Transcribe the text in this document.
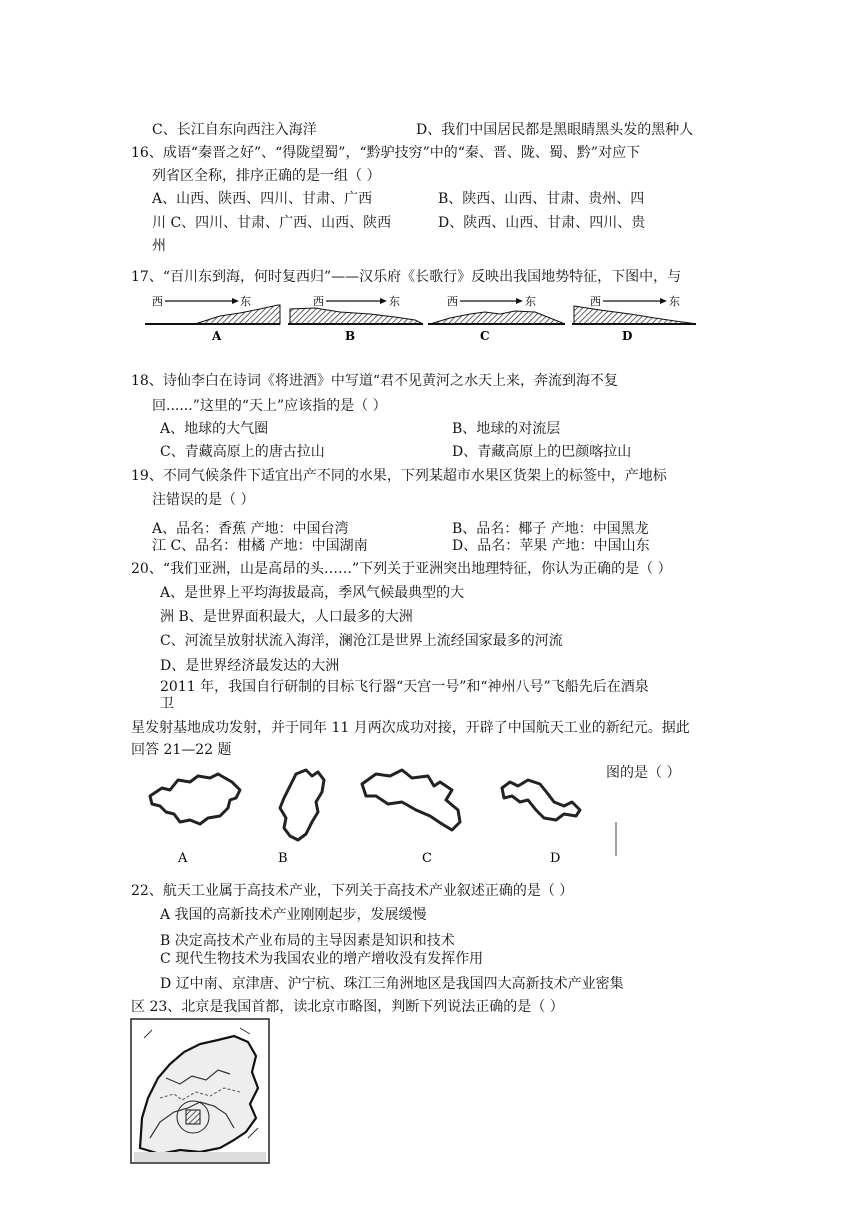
C、长江自东向西注入海洋	D、我们中国居民都是黑眼睛黑头发的黑种人
16、成语“秦晋之好”、“得陇望蜀”，“黔驴技穷”中的“秦、晋、陇、蜀、黔”对应下
列省区全称，排序正确的是一组（ ）
A、山西、陕西、四川、甘肃、广西	B、陕西、山西、甘肃、贵州、四
川 C、四川、甘肃、广西、山西、陕西	D、陕西、山西、甘肃、四川、贵
州
17、“百川东到海，何时复西归”——汉乐府《长歌行》反映出我国地势特征，下图中，与
西	东
A
西	东
B
西	东
C
西	东
D
18、诗仙李白在诗词《将进酒》中写道“君不见黄河之水天上来，奔流到海不复
回......”这里的“天上”应该指的是（ ）
A、地球的大气圈	B、地球的对流层
C、青藏高原上的唐古拉山	D、青藏高原上的巴颜喀拉山
19、不同气候条件下适宜出产不同的水果，下列某超市水果区货架上的标签中，产地标
注错误的是（ ）
A、品名：香蕉 产地：中国台湾	B、品名：椰子 产地：中国黑龙
江 C、品名：柑橘 产地：中国湖南	D、品名：苹果 产地：中国山东
20、“我们亚洲，山是高昂的头……”下列关于亚洲突出地理特征，你认为正确的是（ ）
A、是世界上平均海拔最高，季风气候最典型的大
洲 B、是世界面积最大，人口最多的大洲
C、河流呈放射状流入海洋，澜沧江是世界上流经国家最多的河流
D、是世界经济最发达的大洲
2011 年，我国自行研制的目标飞行器“天宫一号”和“神州八号”飞船先后在酒泉
卫
星发射基地成功发射，并于同年 11 月两次成功对接，开辟了中国航天工业的新纪元。据此
回答 21—22 题
图的是（ ）
A	B	C	D
22、航天工业属于高技术产业，下列关于高技术产业叙述正确的是（ ）
A 我国的高新技术产业刚刚起步，发展缓慢
B 决定高技术产业布局的主导因素是知识和技术
C 现代生物技术为我国农业的增产增收没有发挥作用
D 辽中南、京津唐、沪宁杭、珠江三角洲地区是我国四大高新技术产业密集
区 23、北京是我国首都，读北京市略图，判断下列说法正确的是（ ）
